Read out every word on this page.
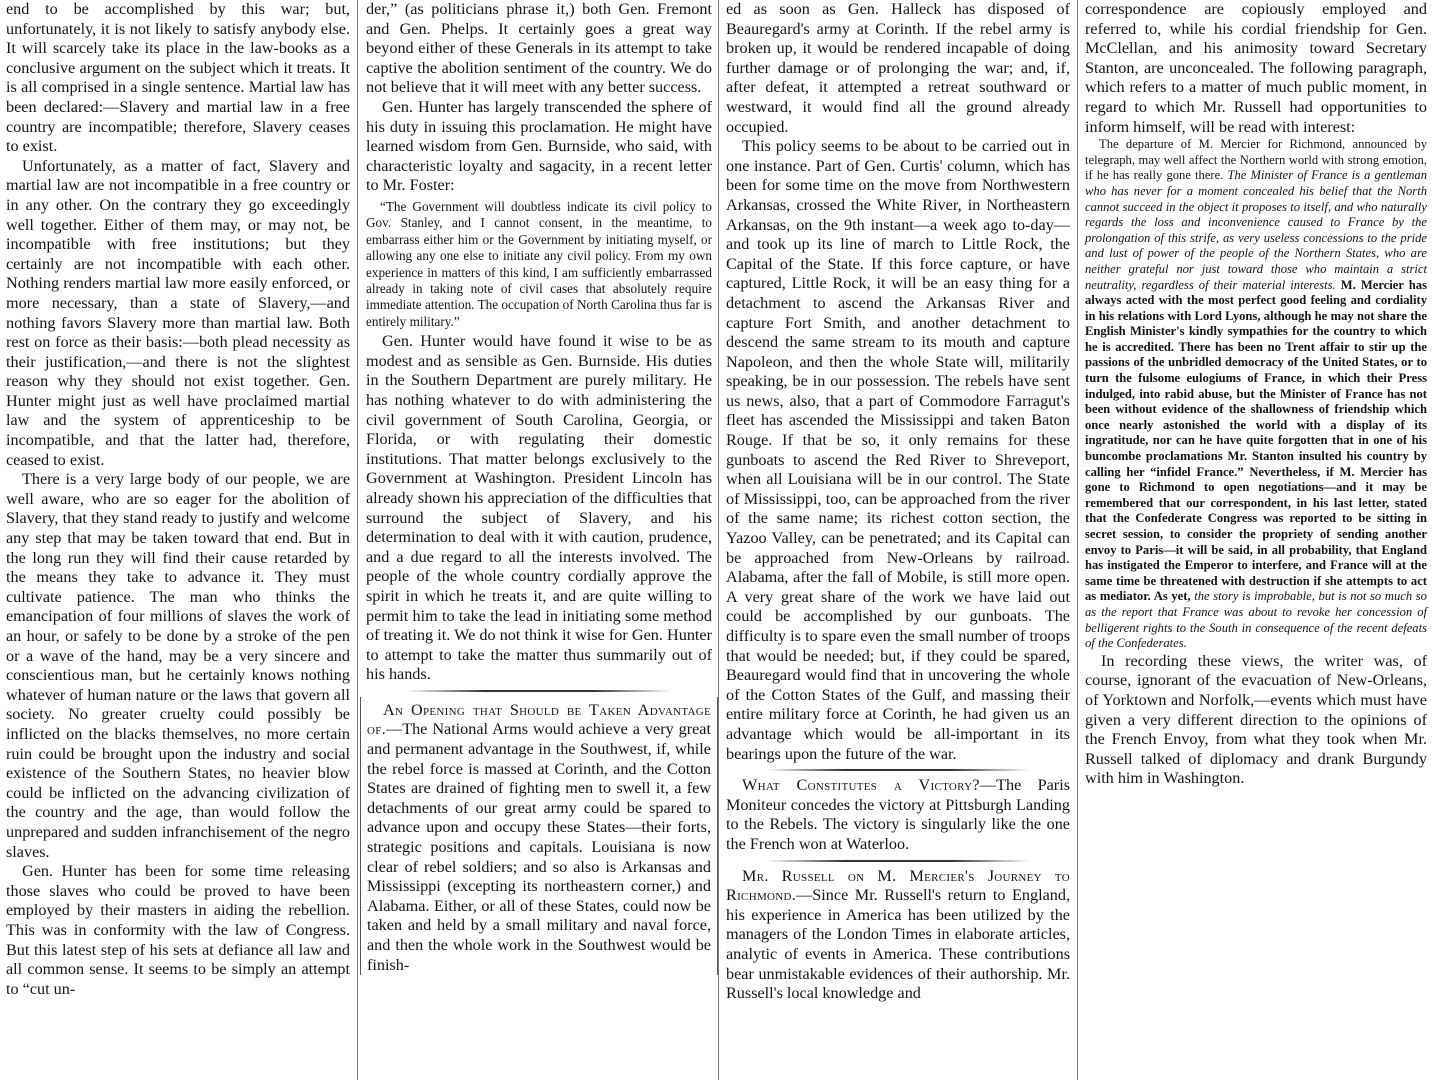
end to be accomplished by this war; but, unfortunately, it is not likely to satisfy anybody else. It will scarcely take its place in the law-books as a conclusive argument on the subject which it treats. It is all comprised in a single sentence. Martial law has been declared:—Slavery and martial law in a free country are incompatible; therefore, Slavery ceases to exist.

Unfortunately, as a matter of fact, Slavery and martial law are not incompatible in a free country or in any other. On the contrary they go exceedingly well together. Either of them may, or may not, be incompatible with free institutions; but they certainly are not incompatible with each other. Nothing renders martial law more easily enforced, or more necessary, than a state of Slavery,—and nothing favors Slavery more than martial law. Both rest on force as their basis:—both plead necessity as their justification,—and there is not the slightest reason why they should not exist together. Gen. Hunter might just as well have proclaimed martial law and the system of apprenticeship to be incompatible, and that the latter had, therefore, ceased to exist.

There is a very large body of our people, we are well aware, who are so eager for the abolition of Slavery, that they stand ready to justify and welcome any step that may be taken toward that end. But in the long run they will find their cause retarded by the means they take to advance it. They must cultivate patience. The man who thinks the emancipation of four millions of slaves the work of an hour, or safely to be done by a stroke of the pen or a wave of the hand, may be a very sincere and conscientious man, but he certainly knows nothing whatever of human nature or the laws that govern all society. No greater cruelty could possibly be inflicted on the blacks themselves, no more certain ruin could be brought upon the industry and social existence of the Southern States, no heavier blow could be inflicted on the advancing civilization of the country and the age, than would follow the unprepared and sudden infranchisement of the negro slaves.

Gen. Hunter has been for some time releasing those slaves who could be proved to have been employed by their masters in aiding the rebellion. This was in conformity with the law of Congress. But this latest step of his sets at defiance all law and all common sense. It seems to be simply an attempt to “cut un-

der,” (as politicians phrase it,) both Gen. Fremont and Gen. Phelps. It certainly goes a great way beyond either of these Generals in its attempt to take captive the abolition sentiment of the country. We do not believe that it will meet with any better success.

Gen. Hunter has largely transcended the sphere of his duty in issuing this proclamation. He might have learned wisdom from Gen. Burnside, who said, with characteristic loyalty and sagacity, in a recent letter to Mr. Foster:

“The Government will doubtless indicate its civil policy to Gov. Stanley, and I cannot consent, in the meantime, to embarrass either him or the Government by initiating myself, or allowing any one else to initiate any civil policy. From my own experience in matters of this kind, I am sufficiently embarrassed already in taking note of civil cases that absolutely require immediate attention. The occupation of North Carolina thus far is entirely military.”

Gen. Hunter would have found it wise to be as modest and as sensible as Gen. Burnside. His duties in the Southern Department are purely military. He has nothing whatever to do with administering the civil government of South Carolina, Georgia, or Florida, or with regulating their domestic institutions. That matter belongs exclusively to the Government at Washington. President Lincoln has already shown his appreciation of the difficulties that surround the subject of Slavery, and his determination to deal with it with caution, prudence, and a due regard to all the interests involved. The people of the whole country cordially approve the spirit in which he treats it, and are quite willing to permit him to take the lead in initiating some method of treating it. We do not think it wise for Gen. Hunter to attempt to take the matter thus summarily out of his hands.

An Opening that Should be Taken Advantage of.—The National Arms would achieve a very great and permanent advantage in the Southwest, if, while the rebel force is massed at Corinth, and the Cotton States are drained of fighting men to swell it, a few detachments of our great army could be spared to advance upon and occupy these States—their forts, strategic positions and capitals. Louisiana is now clear of rebel soldiers; and so also is Arkansas and Mississippi (excepting its northeastern corner,) and Alabama. Either, or all of these States, could now be taken and held by a small military and naval force, and then the whole work in the Southwest would be finish-

ed as soon as Gen. Halleck has disposed of Beauregard's army at Corinth. If the rebel army is broken up, it would be rendered incapable of doing further damage or of prolonging the war; and, if, after defeat, it attempted a retreat southward or westward, it would find all the ground already occupied.

This policy seems to be about to be carried out in one instance. Part of Gen. Curtis' column, which has been for some time on the move from Northwestern Arkansas, crossed the White River, in Northeastern Arkansas, on the 9th instant—a week ago to-day—and took up its line of march to Little Rock, the Capital of the State. If this force capture, or have captured, Little Rock, it will be an easy thing for a detachment to ascend the Arkansas River and capture Fort Smith, and another detachment to descend the same stream to its mouth and capture Napoleon, and then the whole State will, militarily speaking, be in our possession. The rebels have sent us news, also, that a part of Commodore Farragut's fleet has ascended the Mississippi and taken Baton Rouge. If that be so, it only remains for these gunboats to ascend the Red River to Shreveport, when all Louisiana will be in our control. The State of Mississippi, too, can be approached from the river of the same name; its richest cotton section, the Yazoo Valley, can be penetrated; and its Capital can be approached from New-Orleans by railroad. Alabama, after the fall of Mobile, is still more open. A very great share of the work we have laid out could be accomplished by our gunboats. The difficulty is to spare even the small number of troops that would be needed; but, if they could be spared, Beauregard would find that in uncovering the whole of the Cotton States of the Gulf, and massing their entire military force at Corinth, he had given us an advantage which would be all-important in its bearings upon the future of the war.

What Constitutes a Victory?—The Paris Moniteur concedes the victory at Pittsburgh Landing to the Rebels. The victory is singularly like the one the French won at Waterloo.

Mr. Russell on M. Mercier's Journey to Richmond.—Since Mr. Russell's return to England, his experience in America has been utilized by the managers of the London Times in elaborate articles, analytic of events in America. These contributions bear unmistakable evidences of their authorship. Mr. Russell's local knowledge and

correspondence are copiously employed and referred to, while his cordial friendship for Gen. McClellan, and his animosity toward Secretary Stanton, are unconcealed. The following paragraph, which refers to a matter of much public moment, in regard to which Mr. Russell had opportunities to inform himself, will be read with interest:

The departure of M. Mercier for Richmond, announced by telegraph, may well affect the Northern world with strong emotion, if he has really gone there. The Minister of France is a gentleman who has never for a moment concealed his belief that the North cannot succeed in the object it proposes to itself, and who naturally regards the loss and inconvenience caused to France by the prolongation of this strife, as very useless concessions to the pride and lust of power of the people of the Northern States, who are neither grateful nor just toward those who maintain a strict neutrality, regardless of their material interests. M. Mercier has always acted with the most perfect good feeling and cordiality in his relations with Lord Lyons, although he may not share the English Minister's kindly sympathies for the country to which he is accredited. There has been no Trent affair to stir up the passions of the unbridled democracy of the United States, or to turn the fulsome eulogiums of France, in which their Press indulged, into rabid abuse, but the Minister of France has not been without evidence of the shallowness of friendship which once nearly astonished the world with a display of its ingratitude, nor can he have quite forgotten that in one of his buncombe proclamations Mr. Stanton insulted his country by calling her “infidel France.” Nevertheless, if M. Mercier has gone to Richmond to open negotiations—and it may be remembered that our correspondent, in his last letter, stated that the Confederate Congress was reported to be sitting in secret session, to consider the propriety of sending another envoy to Paris—it will be said, in all probability, that England has instigated the Emperor to interfere, and France will at the same time be threatened with destruction if she attempts to act as mediator. As yet, the story is improbable, but is not so much so as the report that France was about to revoke her concession of belligerent rights to the South in consequence of the recent defeats of the Confederates.

In recording these views, the writer was, of course, ignorant of the evacuation of New-Orleans, of Yorktown and Norfolk,—events which must have given a very different direction to the opinions of the French Envoy, from what they took when Mr. Russell talked of diplomacy and drank Burgundy with him in Washington.
